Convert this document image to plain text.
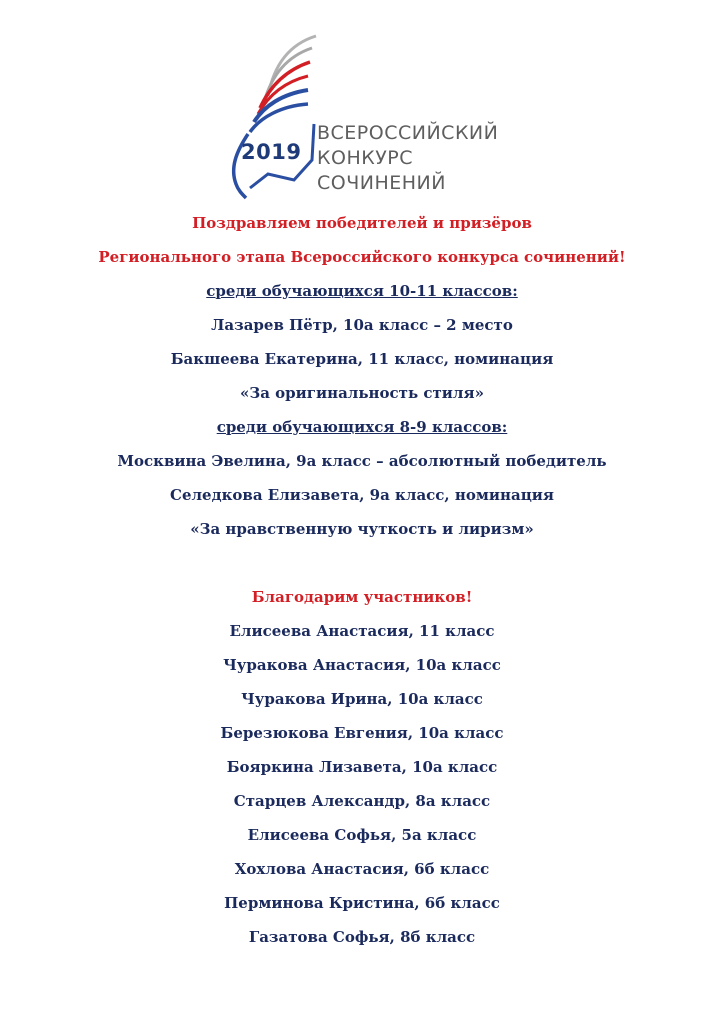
2019
ВСЕРОССИЙСКИЙ
КОНКУРС
СОЧИНЕНИЙ
Поздравляем победителей и призёров
Регионального этапа Всероссийского конкурса сочинений!
среди обучающихся 10-11 классов:
Лазарев Пётр, 10а класс – 2 место
Бакшеева Екатерина, 11 класс, номинация
«За оригинальность стиля»
среди обучающихся 8-9 классов:
Москвина Эвелина, 9а класс – абсолютный победитель
Селедкова Елизавета, 9а класс, номинация
«За нравственную чуткость и лиризм»
Благодарим участников!
Елисеева Анастасия, 11 класс
Чуракова Анастасия, 10а класс
Чуракова Ирина, 10а класс
Березюкова Евгения, 10а класс
Бояркина Лизавета, 10а класс
Старцев Александр, 8а класс
Елисеева Софья, 5а класс
Хохлова Анастасия, 6б класс
Перминова Кристина, 6б класс
Газатова Софья, 8б класс
